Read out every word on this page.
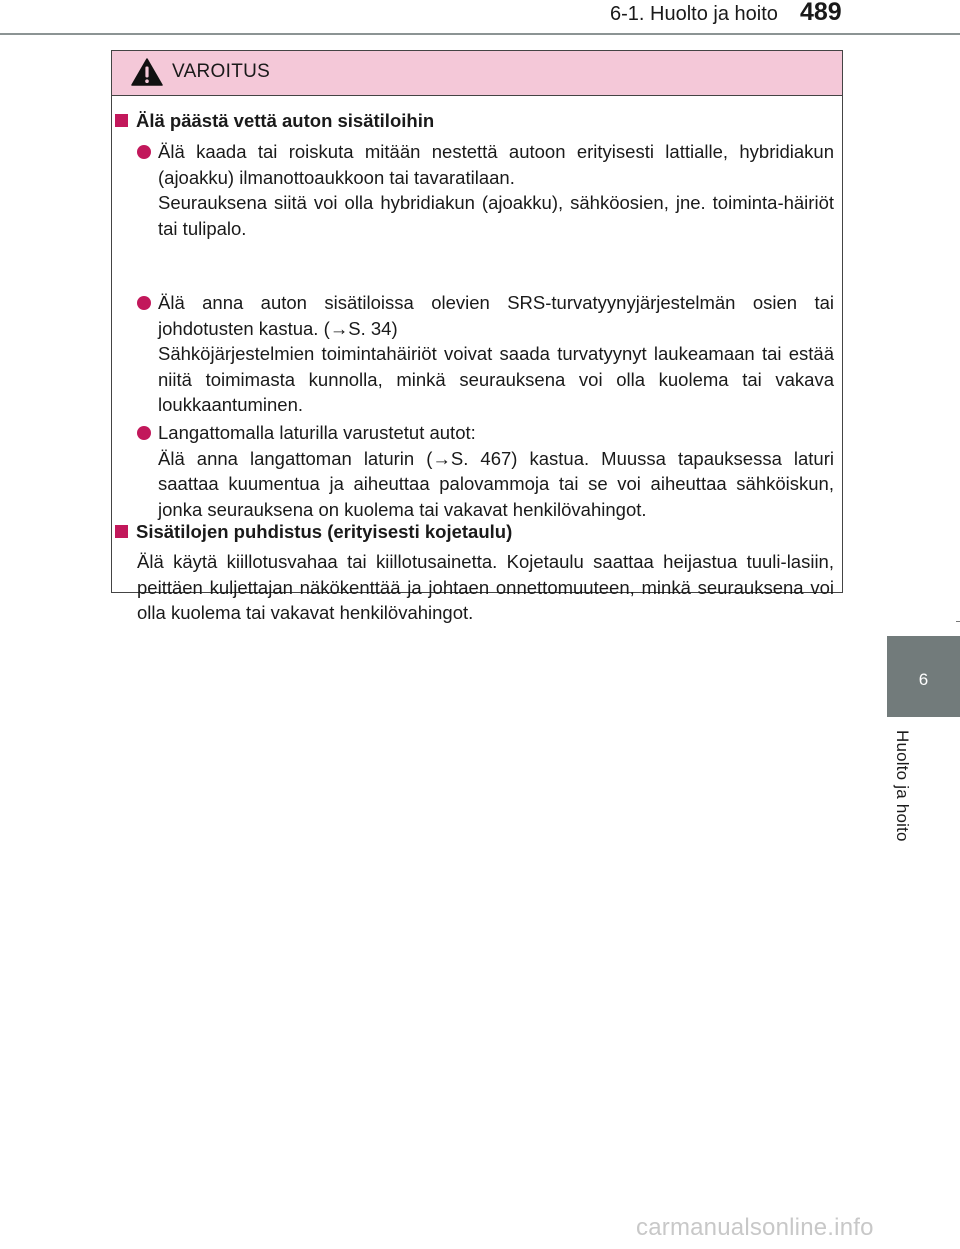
6-1. Huolto ja hoito 489
6
Huolto ja hoito
VAROITUS
Älä päästä vettä auton sisätiloihin

Älä kaada tai roiskuta mitään nestettä autoon erityisesti lattialle, hybridiakun (ajoakku) ilmanottoaukkoon tai tavaratilaan.

Seurauksena siitä voi olla hybridiakun (ajoakku), sähköosien, jne. toiminta-häiriöt tai tulipalo.

Älä anna auton sisätiloissa olevien SRS-turvatyynyjärjestelmän osien tai johdotusten kastua. (→S. 34)

Sähköjärjestelmien toimintahäiriöt voivat saada turvatyynyt laukeamaan tai estää niitä toimimasta kunnolla, minkä seurauksena voi olla kuolema tai vakava loukkaantuminen.

Langattomalla laturilla varustetut autot:

Älä anna langattoman laturin (→S. 467) kastua. Muussa tapauksessa laturi saattaa kuumentua ja aiheuttaa palovammoja tai se voi aiheuttaa sähköiskun, jonka seurauksena on kuolema tai vakavat henkilövahingot.

Sisätilojen puhdistus (erityisesti kojetaulu)

Älä käytä kiillotusvahaa tai kiillotusainetta. Kojetaulu saattaa heijastua tuuli-lasiin, peittäen kuljettajan näkökenttää ja johtaen onnettomuuteen, minkä seurauksena voi olla kuolema tai vakavat henkilövahingot.

carmanualsonline.info
